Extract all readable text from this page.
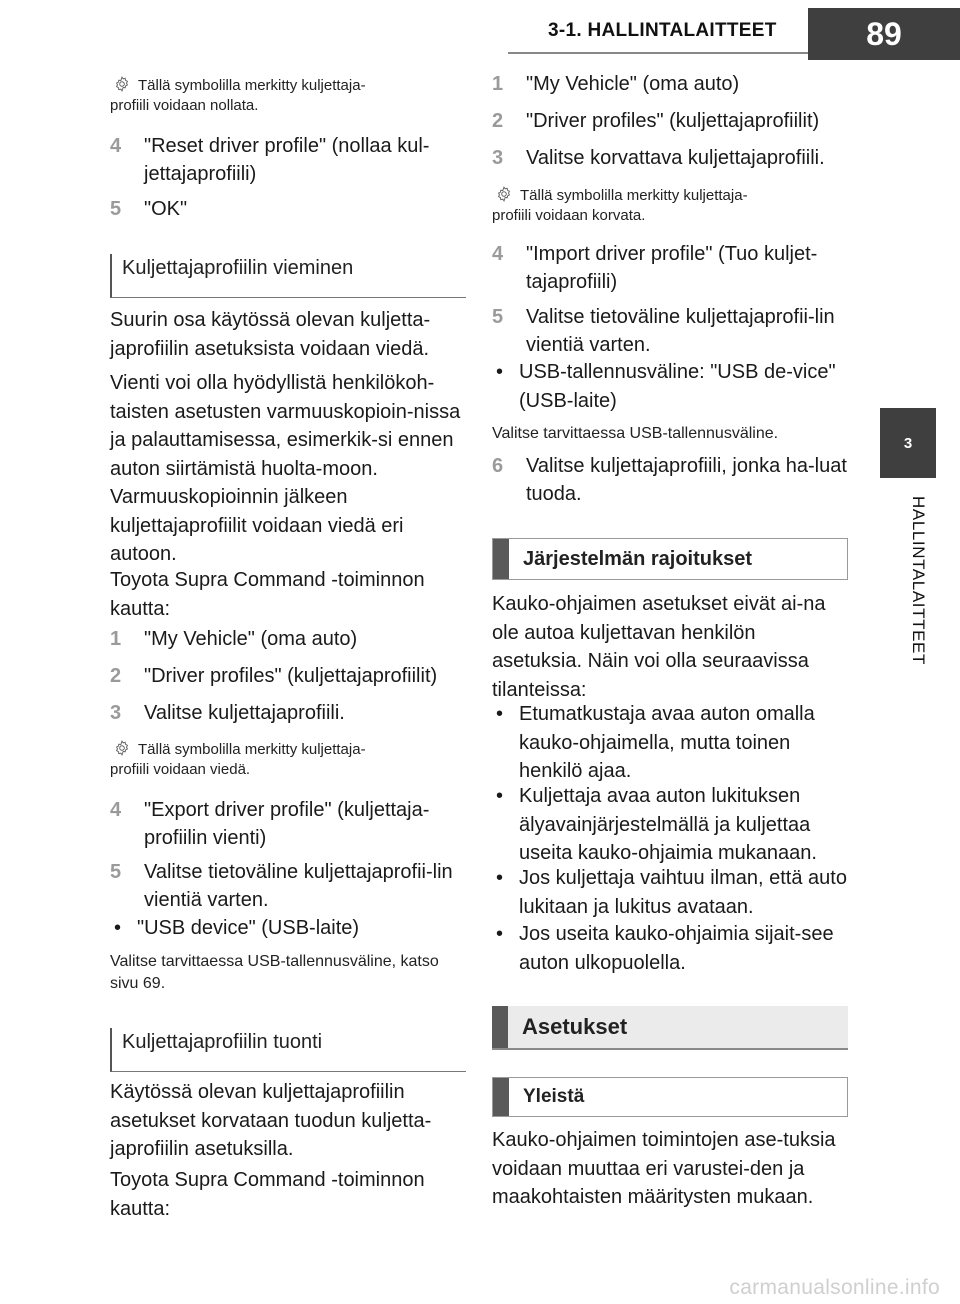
3-1. HALLINTALAITTEET	89
3
HALLINTALAITTEET
Tällä symbolilla merkitty kuljettaja-
profiili voidaan nollata.
4	"Reset driver profile" (nollaa kul-jettajaprofiili)
5	"OK"
Kuljettajaprofiilin vieminen
Suurin osa käytössä olevan kuljetta-japrofiilin asetuksista voidaan viedä.
Vienti voi olla hyödyllistä henkilökoh-taisten asetusten varmuuskopioin-nissa ja palauttamisessa, esimerkik-si ennen auton siirtämistä huolta-moon. Varmuuskopioinnin jälkeen kuljettajaprofiilit voidaan viedä eri autoon.
Toyota Supra Command -toiminnon kautta:
1	"My Vehicle" (oma auto)
2	"Driver profiles" (kuljettajaprofiilit)
3	Valitse kuljettajaprofiili.
Tällä symbolilla merkitty kuljettaja-
profiili voidaan viedä.
4	"Export driver profile" (kuljettaja-profiilin vienti)
5	Valitse tietoväline kuljettajaprofii-lin vientiä varten.
• "USB device" (USB-laite)
Valitse tarvittaessa USB-tallennusväline, katso sivu 69.
Kuljettajaprofiilin tuonti
Käytössä olevan kuljettajaprofiilin asetukset korvataan tuodun kuljetta-japrofiilin asetuksilla.
Toyota Supra Command -toiminnon kautta:
1	"My Vehicle" (oma auto)
2	"Driver profiles" (kuljettajaprofiilit)
3	Valitse korvattava kuljettajaprofiili.
Tällä symbolilla merkitty kuljettaja-
profiili voidaan korvata.
4	"Import driver profile" (Tuo kuljet-tajaprofiili)
5	Valitse tietoväline kuljettajaprofii-lin vientiä varten.
• USB-tallennusväline: "USB de-vice" (USB-laite)
Valitse tarvittaessa USB-tallennusväline.
6	Valitse kuljettajaprofiili, jonka ha-luat tuoda.
Järjestelmän rajoitukset
Kauko-ohjaimen asetukset eivät ai-na ole autoa kuljettavan henkilön asetuksia. Näin voi olla seuraavissa tilanteissa:
• Etumatkustaja avaa auton omalla kauko-ohjaimella, mutta toinen henkilö ajaa.
• Kuljettaja avaa auton lukituksen älyavainjärjestelmällä ja kuljettaa useita kauko-ohjaimia mukanaan.
• Jos kuljettaja vaihtuu ilman, että auto lukitaan ja lukitus avataan.
• Jos useita kauko-ohjaimia sijait-see auton ulkopuolella.
Asetukset
Yleistä
Kauko-ohjaimen toimintojen ase-tuksia voidaan muuttaa eri varustei-den ja maakohtaisten määritysten mukaan.
carmanualsonline.info
